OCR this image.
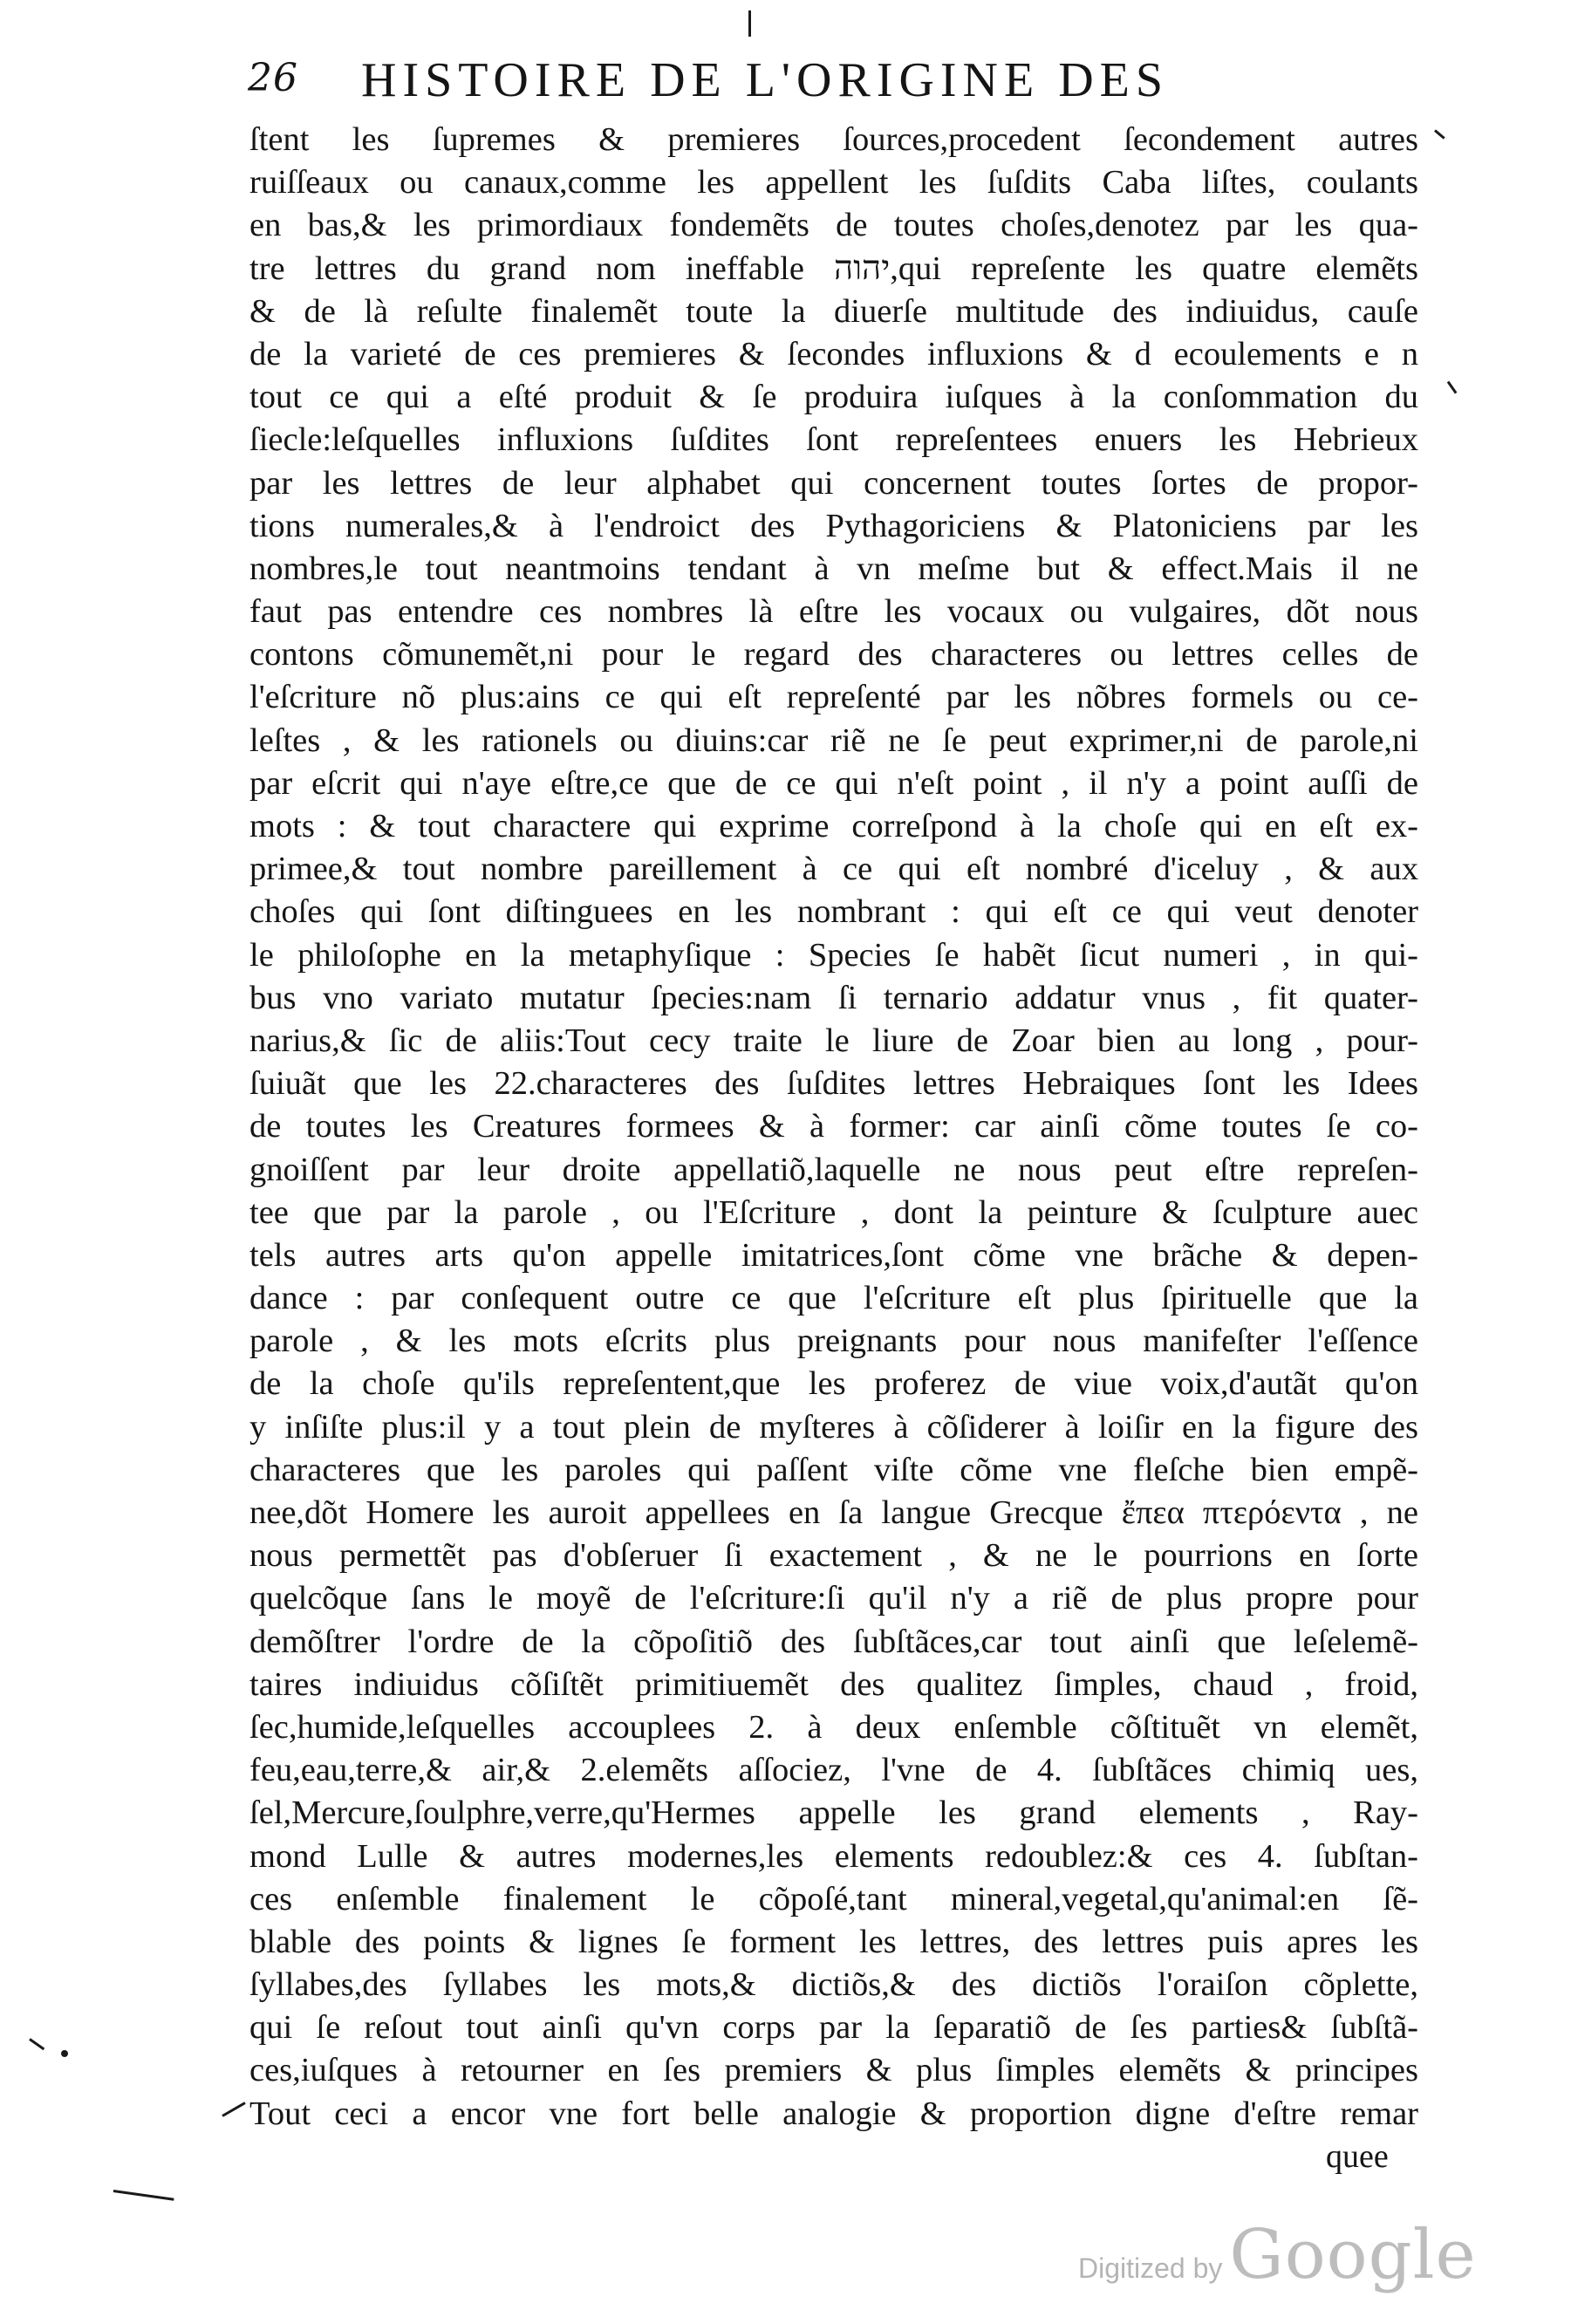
26 HISTOIRE DE L'ORIGINE DES
ſtent les ſupremes & premieres ſources,procedent ſecondement autres
ruiſſeaux ou canaux,comme les appellent les ſuſdits Caba liſtes, coulants
en bas,& les primordiaux fondemẽts de toutes choſes,denotez par les qua-
tre lettres du grand nom ineffable יהוה,qui repreſente les quatre elemẽts
& de là reſulte finalemẽt toute la diuerſe multitude des indiuidus, cauſe
de la varieté de ces premieres & ſecondes influxions & d ecoulements e n
tout ce qui a eſté produit & ſe produira iuſques à la conſommation du
ſiecle:leſquelles influxions ſuſdites ſont repreſentees enuers les Hebrieux
par les lettres de leur alphabet qui concernent toutes ſortes de propor-
tions numerales,& à l'endroict des Pythagoriciens & Platoniciens par les
nombres,le tout neantmoins tendant à vn meſme but & effect.Mais il ne
faut pas entendre ces nombres là eſtre les vocaux ou vulgaires, dõt nous
contons cõmunemẽt,ni pour le regard des characteres ou lettres celles de
l'eſcriture nõ plus:ains ce qui eſt repreſenté par les nõbres formels ou ce-
leſtes , & les rationels ou diuins:car riẽ ne ſe peut exprimer,ni de parole,ni
par eſcrit qui n'aye eſtre,ce que de ce qui n'eſt point , il n'y a point auſſi de
mots : & tout charactere qui exprime correſpond à la choſe qui en eſt ex-
primee,& tout nombre pareillement à ce qui eſt nombré d'iceluy , & aux
choſes qui ſont diſtinguees en les nombrant : qui eſt ce qui veut denoter
le philoſophe en la metaphyſique : Species ſe habẽt ſicut numeri , in qui-
bus vno variato mutatur ſpecies:nam ſi ternario addatur vnus , fit quater-
narius,& ſic de aliis:Tout cecy traite le liure de Zoar bien au long , pour-
ſuiuãt que les 22.characteres des ſuſdites lettres Hebraiques ſont les Idees
de toutes les Creatures formees & à former: car ainſi cõme toutes ſe co-
gnoiſſent par leur droite appellatiõ,laquelle ne nous peut eſtre repreſen-
tee que par la parole , ou l'Eſcriture , dont la peinture & ſculpture auec
tels autres arts qu'on appelle imitatrices,ſont cõme vne brãche & depen-
dance : par conſequent outre ce que l'eſcriture eſt plus ſpirituelle que la
parole , & les mots eſcrits plus preignants pour nous manifeſter l'eſſence
de la choſe qu'ils repreſentent,que les proferez de viue voix,d'autãt qu'on
y inſiſte plus:il y a tout plein de myſteres à cõſiderer à loiſir en la figure des
characteres que les paroles qui paſſent viſte cõme vne fleſche bien empẽ-
nee,dõt Homere les auroit appellees en ſa langue Grecque ἔπεα πτερόεντα , ne
nous permettẽt pas d'obſeruer ſi exactement , & ne le pourrions en ſorte
quelcõque ſans le moyẽ de l'eſcriture:ſi qu'il n'y a riẽ de plus propre pour
demõſtrer l'ordre de la cõpoſitiõ des ſubſtãces,car tout ainſi que leſelemẽ-
taires indiuidus cõſiſtẽt primitiuemẽt des qualitez ſimples, chaud , froid,
ſec,humide,leſquelles accouplees 2. à deux enſemble cõſtituẽt vn elemẽt,
feu,eau,terre,& air,& 2.elemẽts aſſociez, l'vne de 4. ſubſtãces chimiq ues,
ſel,Mercure,ſoulphre,verre,qu'Hermes appelle les grand elements , Ray-
mond Lulle & autres modernes,les elements redoublez:& ces 4. ſubſtan-
ces enſemble finalement le cõpoſé,tant mineral,vegetal,qu'animal:en ſẽ-
blable des points & lignes ſe forment les lettres, des lettres puis apres les
ſyllabes,des ſyllabes les mots,& dictiõs,& des dictiõs l'oraiſon cõplette,
qui ſe reſout tout ainſi qu'vn corps par la ſeparatiõ de ſes parties& ſubſtã-
ces,iuſques à retourner en ſes premiers & plus ſimples elemẽts & principes
Tout ceci a encor vne fort belle analogie & proportion digne d'eſtre remar
quee
Digitized by Google
